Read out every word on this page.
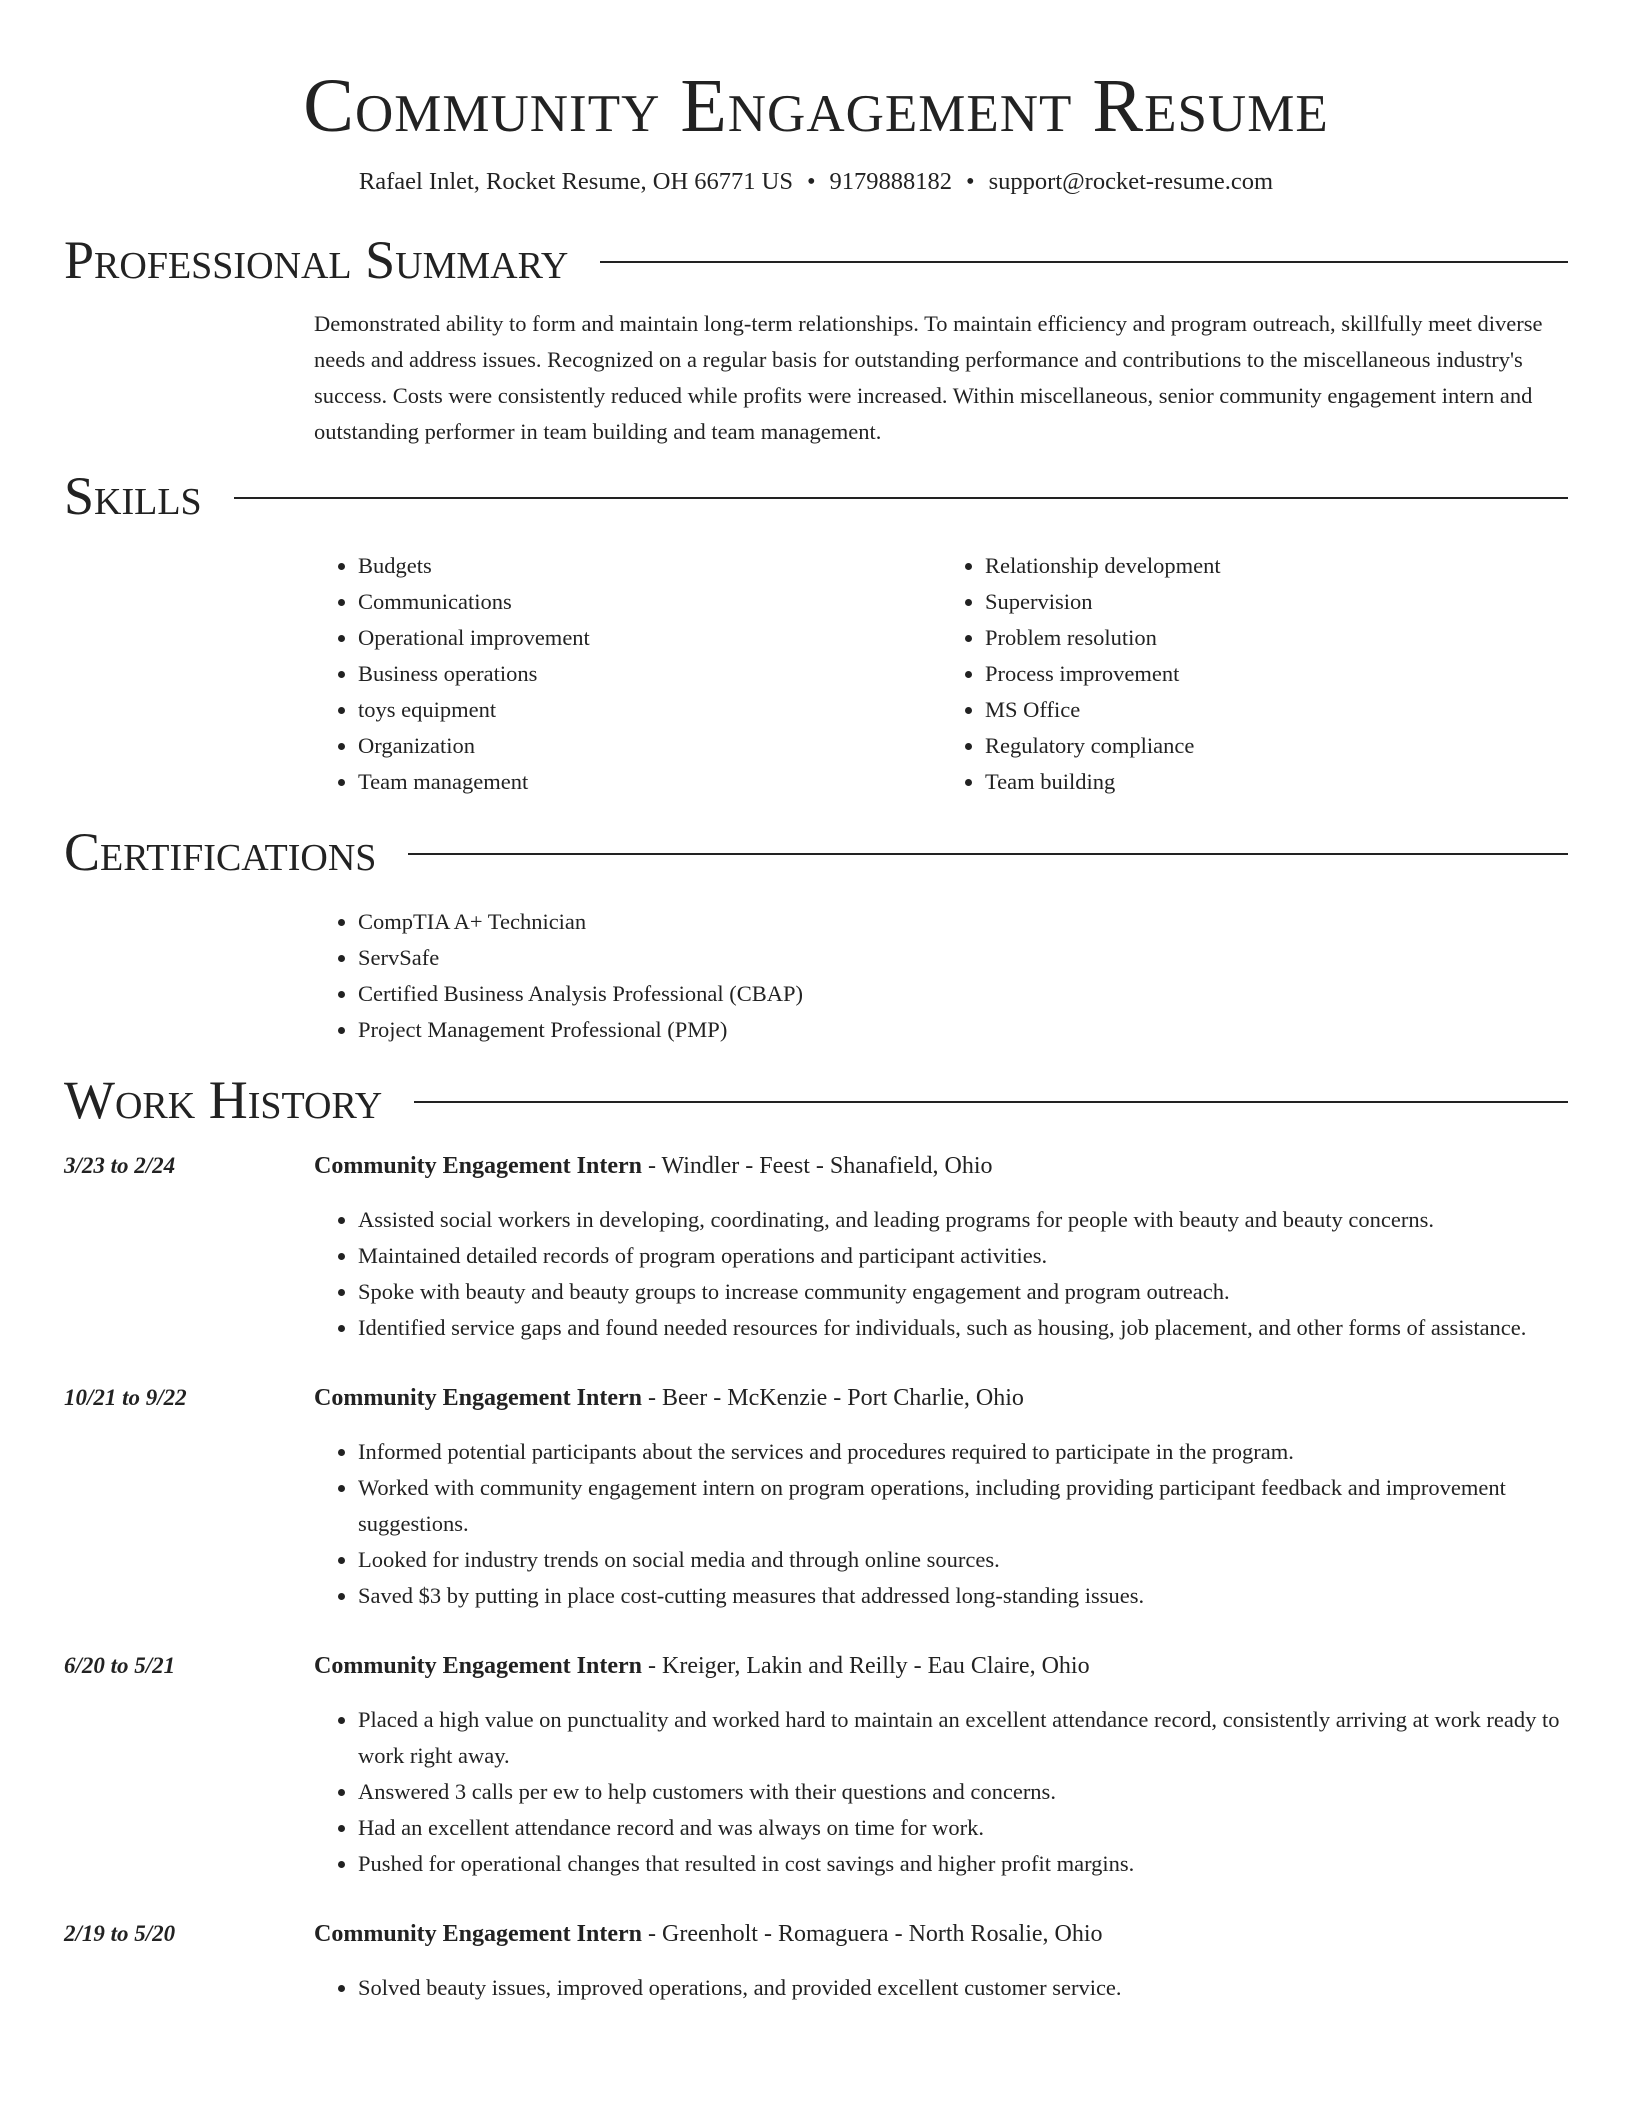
Community Engagement Resume
Rafael Inlet, Rocket Resume, OH 66771 US • 9179888182 • support@rocket-resume.com
Professional Summary

Demonstrated ability to form and maintain long-term relationships. To maintain efficiency and program outreach, skillfully meet diverse needs and address issues. Recognized on a regular basis for outstanding performance and contributions to the miscellaneous industry's success. Costs were consistently reduced while profits were increased. Within miscellaneous, senior community engagement intern and outstanding performer in team building and team management.

Skills
• Budgets
• Communications
• Operational improvement
• Business operations
• toys equipment
• Organization
• Team management
• Relationship development
• Supervision
• Problem resolution
• Process improvement
• MS Office
• Regulatory compliance
• Team building
Certifications
• CompTIA A+ Technician
• ServSafe
• Certified Business Analysis Professional (CBAP)
• Project Management Professional (PMP)
Work History
3/23 to 2/24	Community Engagement Intern - Windler - Feest - Shanafield, Ohio
• Assisted social workers in developing, coordinating, and leading programs for people with beauty and beauty concerns.
• Maintained detailed records of program operations and participant activities.
• Spoke with beauty and beauty groups to increase community engagement and program outreach.
• Identified service gaps and found needed resources for individuals, such as housing, job placement, and other forms of assistance.
10/21 to 9/22	Community Engagement Intern - Beer - McKenzie - Port Charlie, Ohio
• Informed potential participants about the services and procedures required to participate in the program.
• Worked with community engagement intern on program operations, including providing participant feedback and improvement suggestions.
• Looked for industry trends on social media and through online sources.
• Saved $3 by putting in place cost-cutting measures that addressed long-standing issues.
6/20 to 5/21	Community Engagement Intern - Kreiger, Lakin and Reilly - Eau Claire, Ohio
• Placed a high value on punctuality and worked hard to maintain an excellent attendance record, consistently arriving at work ready to work right away.
• Answered 3 calls per ew to help customers with their questions and concerns.
• Had an excellent attendance record and was always on time for work.
• Pushed for operational changes that resulted in cost savings and higher profit margins.
2/19 to 5/20	Community Engagement Intern - Greenholt - Romaguera - North Rosalie, Ohio
• Solved beauty issues, improved operations, and provided excellent customer service.
